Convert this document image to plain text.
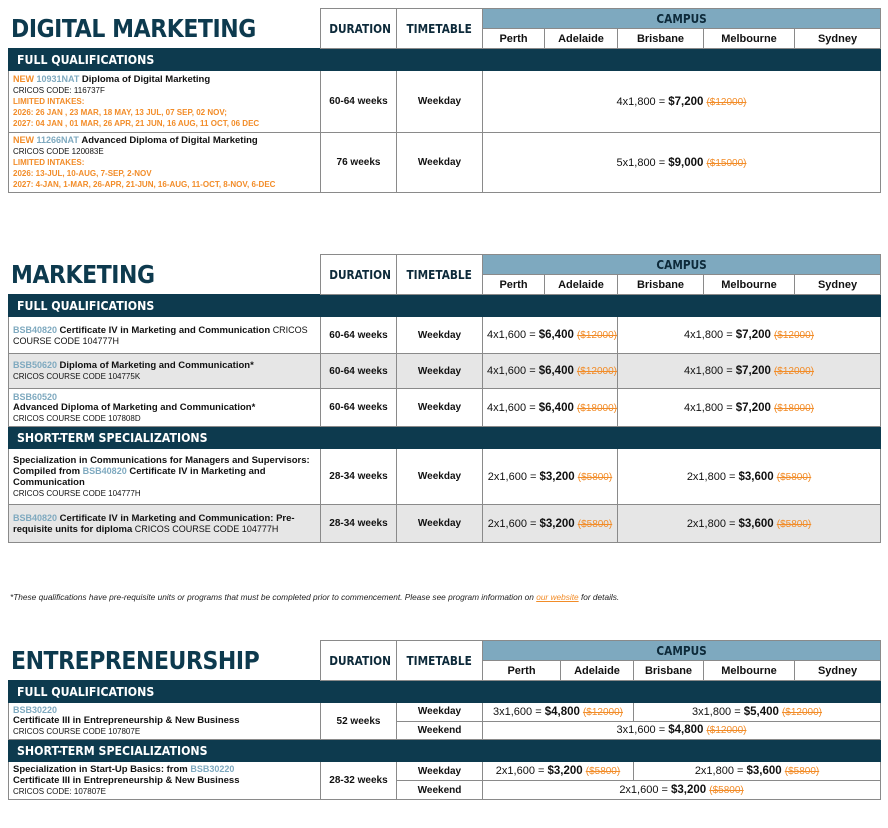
DIGITAL MARKETING	DURATION	TIMETABLE	CAMPUS				
			Perth	Adelaide	Brisbane	Melbourne	Sydney
FULL QUALIFICATIONS							
NEW 10931NAT Diploma of Digital Marketing
CRICOS CODE: 116737F
LIMITED INTAKES:
2026: 26 JAN , 23 MAR, 18 MAY, 13 JUL, 07 SEP, 02 NOV;
2027: 04 JAN , 01 MAR, 26 APR, 21 JUN, 16 AUG, 11 OCT, 06 DEC	60-64 weeks	Weekday	4x1,800 = $7,200 ($12000)				
NEW 11266NAT Advanced Diploma of Digital Marketing
CRICOS CODE 120083E
LIMITED INTAKES:
2026: 13-JUL, 10-AUG, 7-SEP, 2-NOV
2027: 4-JAN, 1-MAR, 26-APR, 21-JUN, 16-AUG, 11-OCT, 8-NOV, 6-DEC	76 weeks	Weekday	5x1,800 = $9,000 ($15000)				
MARKETING	DURATION	TIMETABLE	CAMPUS				
			Perth	Adelaide	Brisbane	Melbourne	Sydney
FULL QUALIFICATIONS							
BSB40820 Certificate IV in Marketing and Communication CRICOS COURSE CODE 104777H	60-64 weeks	Weekday	4x1,600 = $6,400 ($12000)		4x1,800 = $7,200 ($12000)		
BSB50620 Diploma of Marketing and Communication*
CRICOS COURSE CODE 104775K	60-64 weeks	Weekday	4x1,600 = $6,400 ($12000)		4x1,800 = $7,200 ($12000)		
BSB60520
Advanced Diploma of Marketing and Communication*
CRICOS COURSE CODE 107808D	60-64 weeks	Weekday	4x1,600 = $6,400 ($18000)		4x1,800 = $7,200 ($18000)		
SHORT-TERM SPECIALIZATIONS							
Specialization in Communications for Managers and Supervisors: Compiled from BSB40820 Certificate IV in Marketing and Communication
CRICOS COURSE CODE 104777H	28-34 weeks	Weekday	2x1,600 = $3,200 ($5800)		2x1,800 = $3,600 ($5800)		
BSB40820 Certificate IV in Marketing and Communication: Pre-requisite units for diploma CRICOS COURSE CODE 104777H	28-34 weeks	Weekday	2x1,600 = $3,200 ($5800)		2x1,800 = $3,600 ($5800)		
*These qualifications have pre-requisite units or programs that must be completed prior to commencement. Please see program information on our website for details.
ENTREPRENEURSHIP	DURATION	TIMETABLE	CAMPUS				
			Perth	Adelaide	Brisbane	Melbourne	Sydney
FULL QUALIFICATIONS							
BSB30220
Certificate III in Entrepreneurship & New Business
CRICOS COURSE CODE 107807E	52 weeks	Weekday	3x1,600 = $4,800 ($12000)		3x1,800 = $5,400 ($12000)		
		Weekend	3x1,600 = $4,800 ($12000)				
SHORT-TERM SPECIALIZATIONS							
Specialization in Start-Up Basics: from BSB30220
Certificate III in Entrepreneurship & New Business
CRICOS CODE: 107807E	28-32 weeks	Weekday	2x1,600 = $3,200 ($5800)		2x1,800 = $3,600 ($5800)		
		Weekend	2x1,600 = $3,200 ($5800)				
